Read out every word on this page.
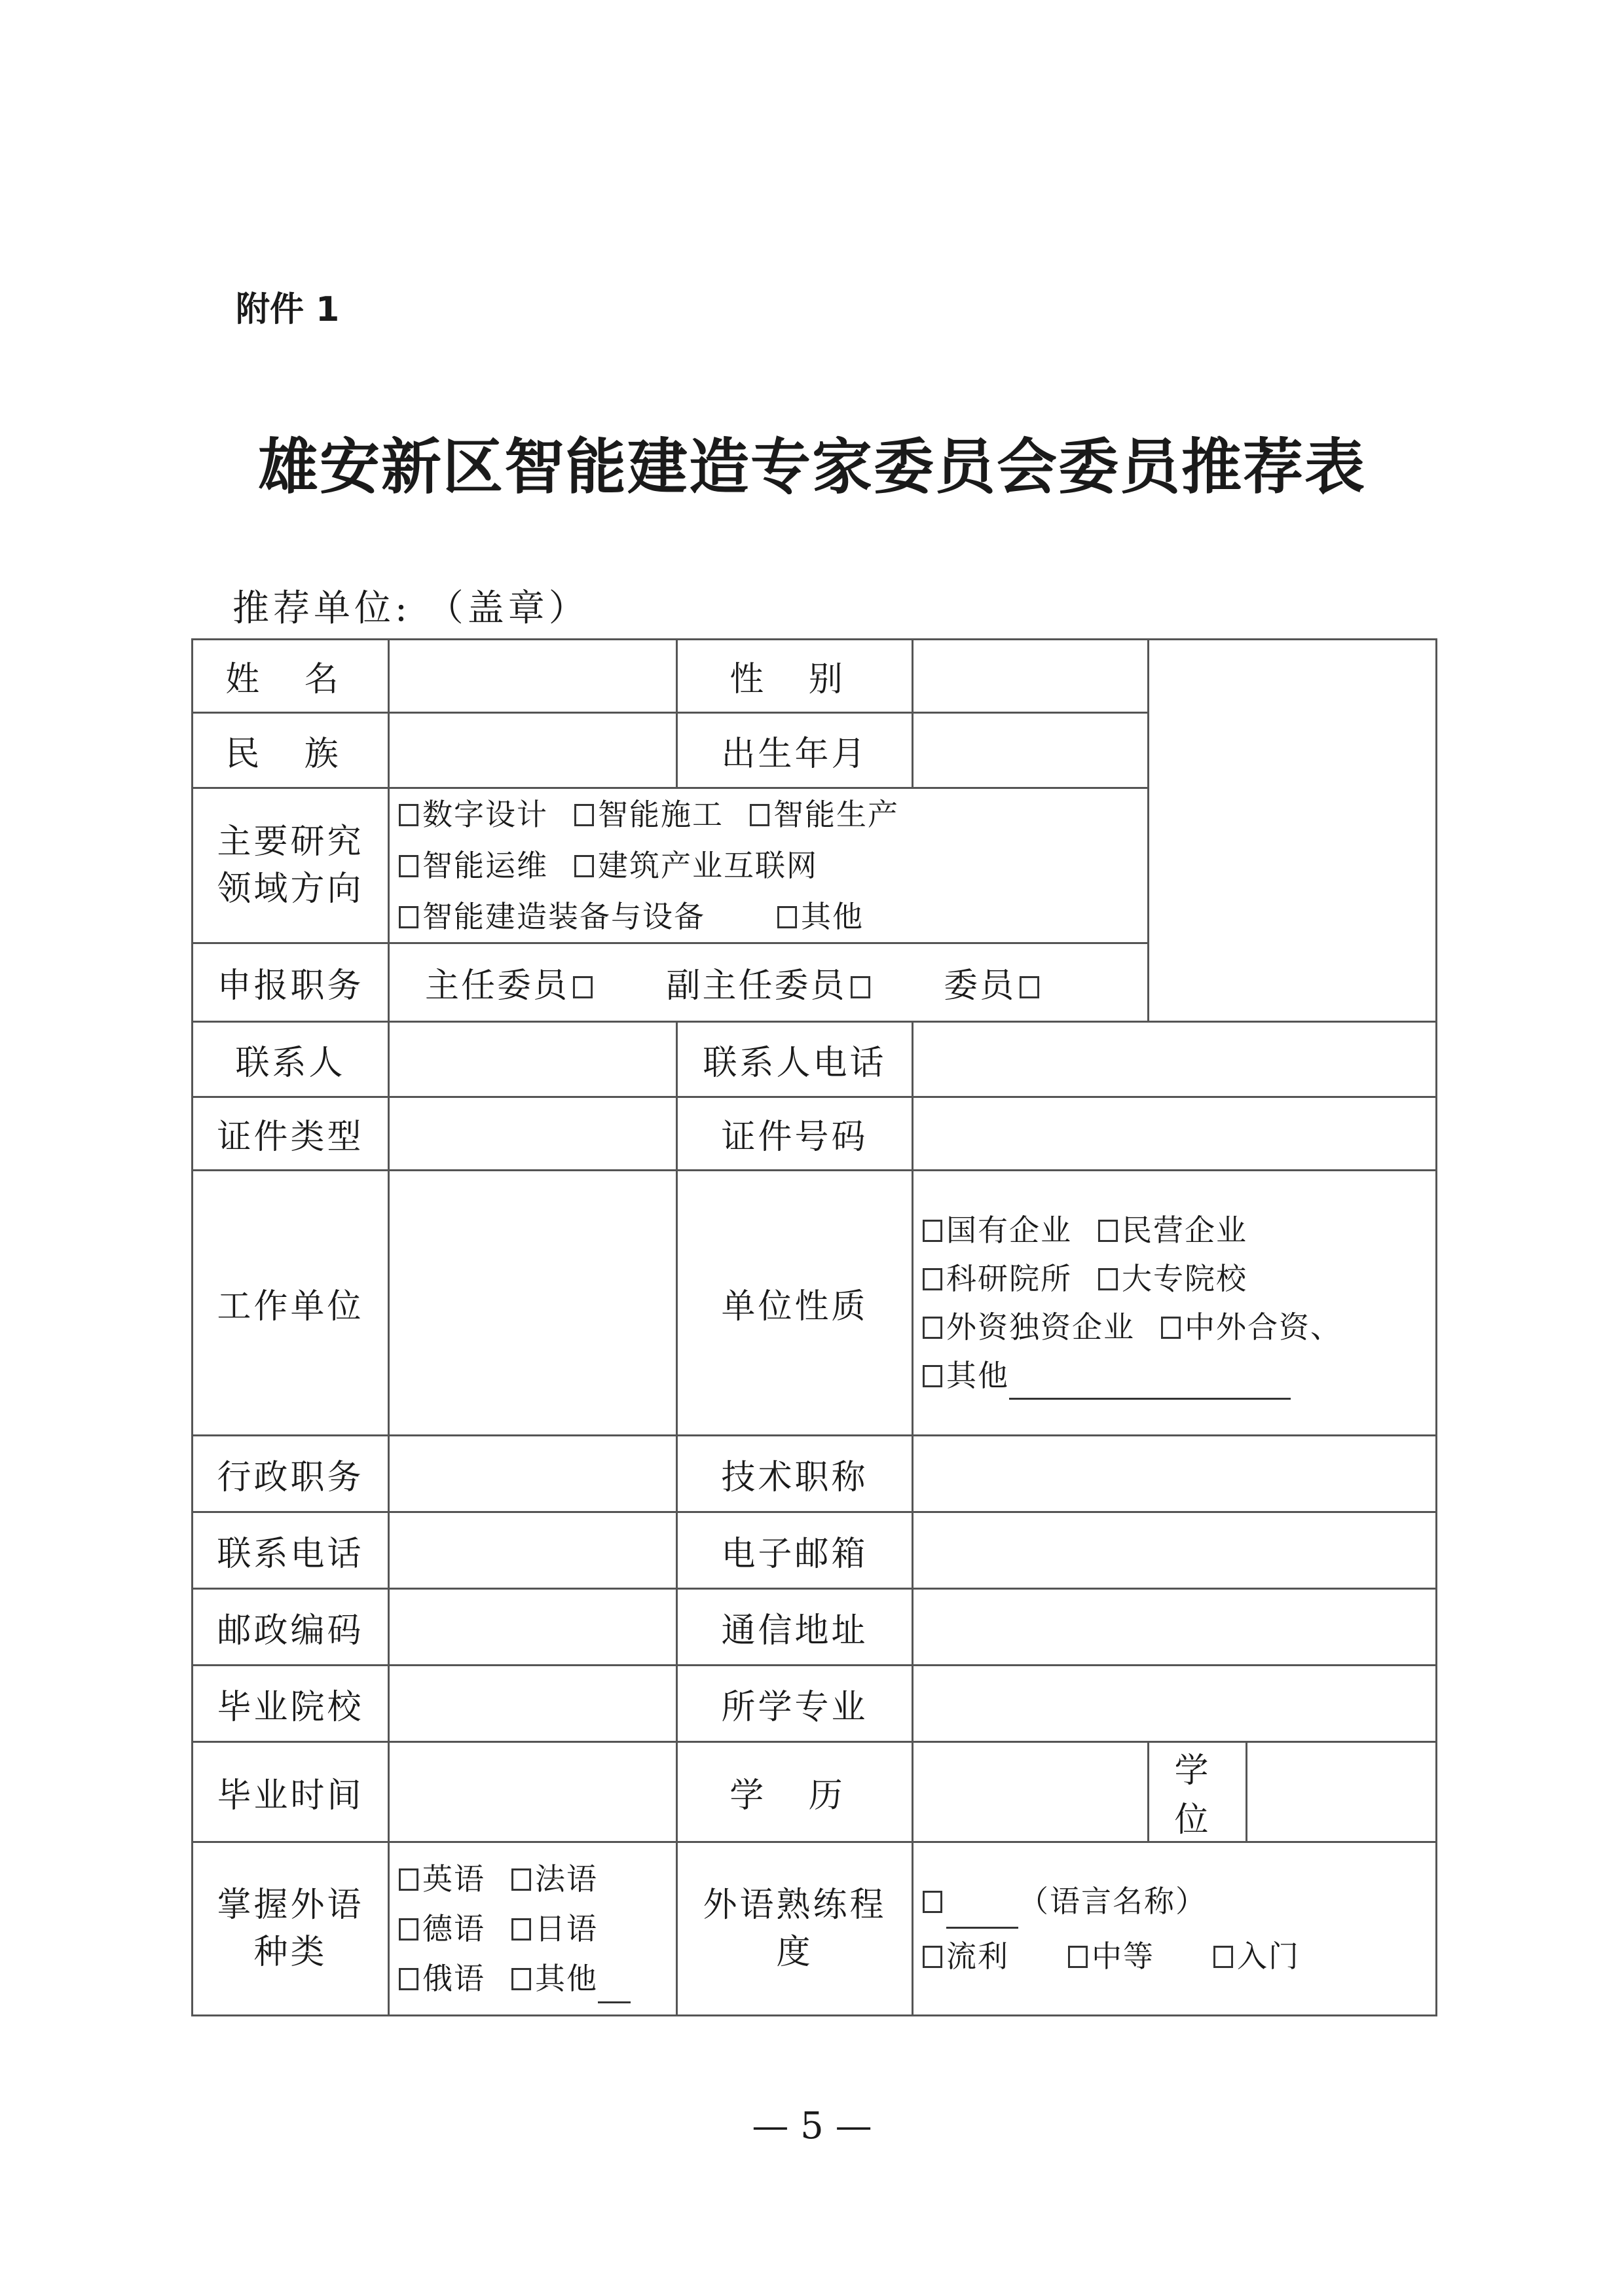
附件 1
雄安新区智能建造专家委员会委员推荐表
推荐单位: （盖章）
姓 名		性 别			
民 族		出生年月			
主要研究领域方向	数字设计 智能施工 智能生产
智能运维 建筑产业互联网
智能建造装备与设备 其他				
申报职务	主任委员 副主任委员 委员				
联系人		联系人电话			
证件类型		证件号码			
工作单位		单位性质	国有企业 民营企业
科研院所 大专院校
外资独资企业 中外合资、
其他		
行政职务		技术职称			
联系电话		电子邮箱			
邮政编码		通信地址			
毕业院校		所学专业			
毕业时间		学 历		学 位	
掌握外语种类	英语 法语
德语 日语
俄语 其他	外语熟练程度	（语言名称）
流利 中等 入门		
— 5 —
